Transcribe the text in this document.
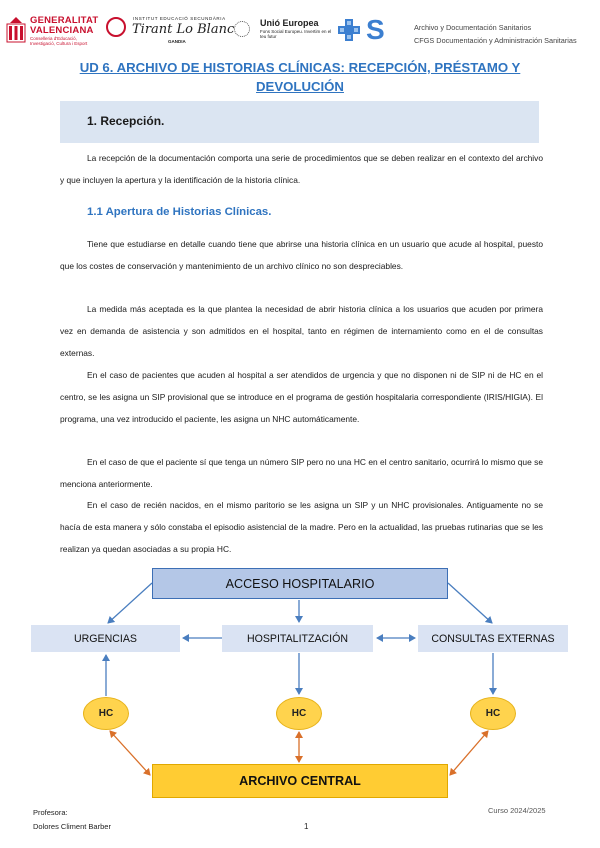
GENERALITAT
VALENCIANA
Conselleria d'Educació, Investigació, Cultura i Esport
INSTITUT EDUCACIÓ SECUNDÀRIA
Tirant Lo Blanc
GANDIA
Unió Europea
Fons Social Europeu. Invertim en el teu futur	S	Archivo y Documentación Sanitarios
CFGS Documentación y Administración Sanitarias
UD 6. ARCHIVO DE HISTORIAS CLÍNICAS: RECEPCIÓN, PRÉSTAMO Y DEVOLUCIÓN
1. Recepción.

La recepción de la documentación comporta una serie de procedimientos que se deben realizar en el contexto del archivo y que incluyen la apertura y la identificación de la historia clínica.

1.1 Apertura de Historias Clínicas.

Tiene que estudiarse en detalle cuando tiene que abrirse una historia clínica en un usuario que acude al hospital, puesto que los costes de conservación y mantenimiento de un archivo clínico no son despreciables.

La medida más aceptada es la que plantea la necesidad de abrir historia clínica a los usuarios que acuden por primera vez en demanda de asistencia y son admitidos en el hospital, tanto en régimen de internamiento como en el de consultas externas.

En el caso de pacientes que acuden al hospital a ser atendidos de urgencia y que no disponen ni de SIP ni de HC en el centro, se les asigna un SIP provisional que se introduce en el programa de gestión hospitalaria correspondiente (IRIS/HIGIA). El programa, una vez introducido el paciente, les asigna un NHC automáticamente.

En el caso de que el paciente sí que tenga un número SIP pero no una HC en el centro sanitario, ocurrirá lo mismo que se menciona anteriormente.

En el caso de recién nacidos, en el mismo paritorio se les asigna un SIP y un NHC provisionales. Antiguamente no se hacía de esta manera y sólo constaba el episodio asistencial de la madre. Pero en la actualidad, las pruebas rutinarias que se les realizan ya quedan asociadas a su propia HC.

ACCESO HOSPITALARIO
URGENCIAS	HOSPITALITZACIÓN	CONSULTAS EXTERNAS
HC	HC	HC
ARCHIVO CENTRAL
Profesora:
Dolores Climent Barber	1
Curso 2024/2025
